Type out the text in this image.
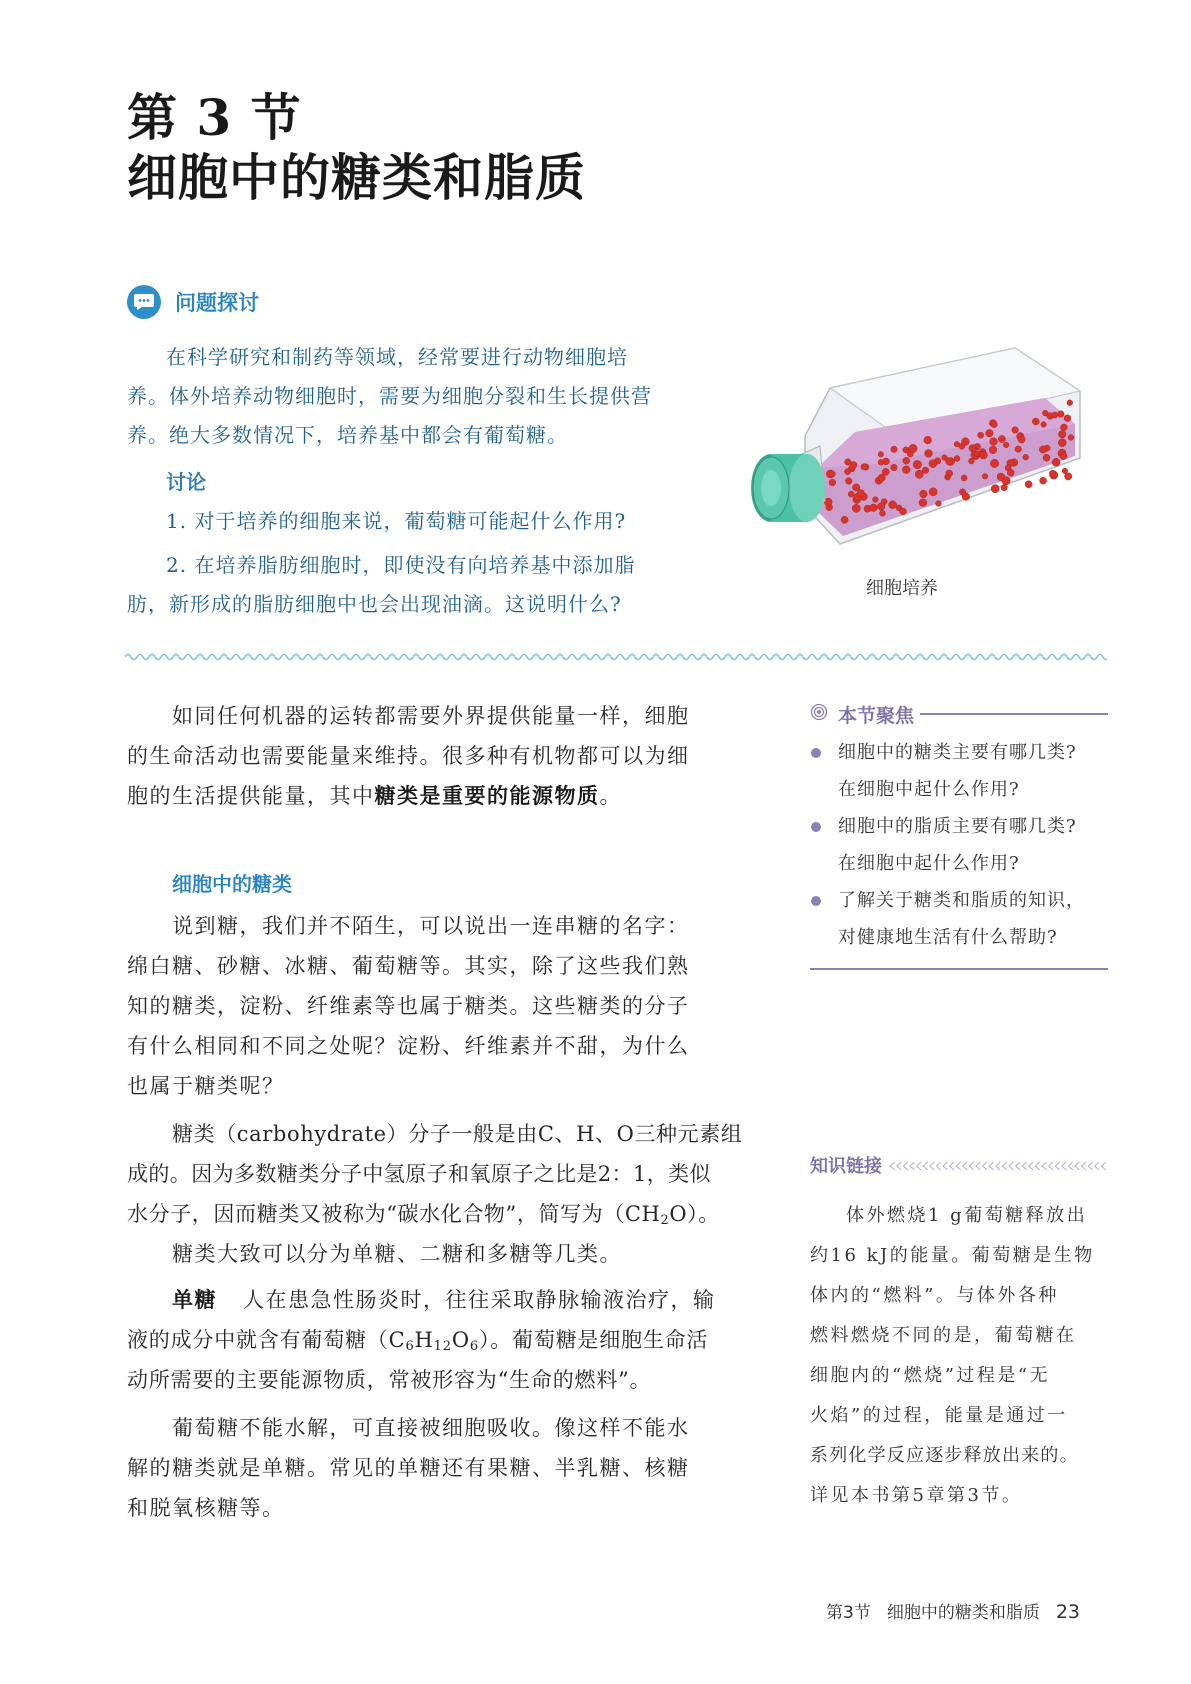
第 3 节
细胞中的糖类和脂质
问题探讨
在科学研究和制药等领域，经常要进行动物细胞培
养。体外培养动物细胞时，需要为细胞分裂和生长提供营
养。绝大多数情况下，培养基中都会有葡萄糖。
讨论
1. 对于培养的细胞来说，葡萄糖可能起什么作用?
2. 在培养脂肪细胞时，即使没有向培养基中添加脂
肪，新形成的脂肪细胞中也会出现油滴。这说明什么?
细胞培养
如同任何机器的运转都需要外界提供能量一样，细胞
的生命活动也需要能量来维持。很多种有机物都可以为细
胞的生活提供能量，其中糖类是重要的能源物质。
细胞中的糖类
说到糖，我们并不陌生，可以说出一连串糖的名字：
绵白糖、砂糖、冰糖、葡萄糖等。其实，除了这些我们熟
知的糖类，淀粉、纤维素等也属于糖类。这些糖类的分子
有什么相同和不同之处呢？淀粉、纤维素并不甜，为什么
也属于糖类呢？
糖类（carbohydrate）分子一般是由C、H、O三种元素组
成的。因为多数糖类分子中氢原子和氧原子之比是2：1，类似
水分子，因而糖类又被称为“碳水化合物”，简写为$(CH_2O)$。
糖类大致可以分为单糖、二糖和多糖等几类。
单糖 人在患急性肠炎时，往往采取静脉输液治疗，输
液的成分中就含有葡萄糖$(C_6H_{12}O_6)$。葡萄糖是细胞生命活
动所需要的主要能源物质，常被形容为“生命的燃料”。
葡萄糖不能水解，可直接被细胞吸收。像这样不能水
解的糖类就是单糖。常见的单糖还有果糖、半乳糖、核糖
和脱氧核糖等。
本节聚焦
细胞中的糖类主要有哪几类?
在细胞中起什么作用?
细胞中的脂质主要有哪几类?
在细胞中起什么作用?
了解关于糖类和脂质的知识，
对健康地生活有什么帮助?
知识链接
体外燃烧1 g葡萄糖释放出
约16 kJ的能量。葡萄糖是生物
体内的“燃料”。与体外各种
燃料燃烧不同的是，葡萄糖在
细胞内的“燃烧”过程是“无
火焰”的过程，能量是通过一
系列化学反应逐步释放出来的。
详见本书第5章第3节。
第3节 细胞中的糖类和脂质 23
